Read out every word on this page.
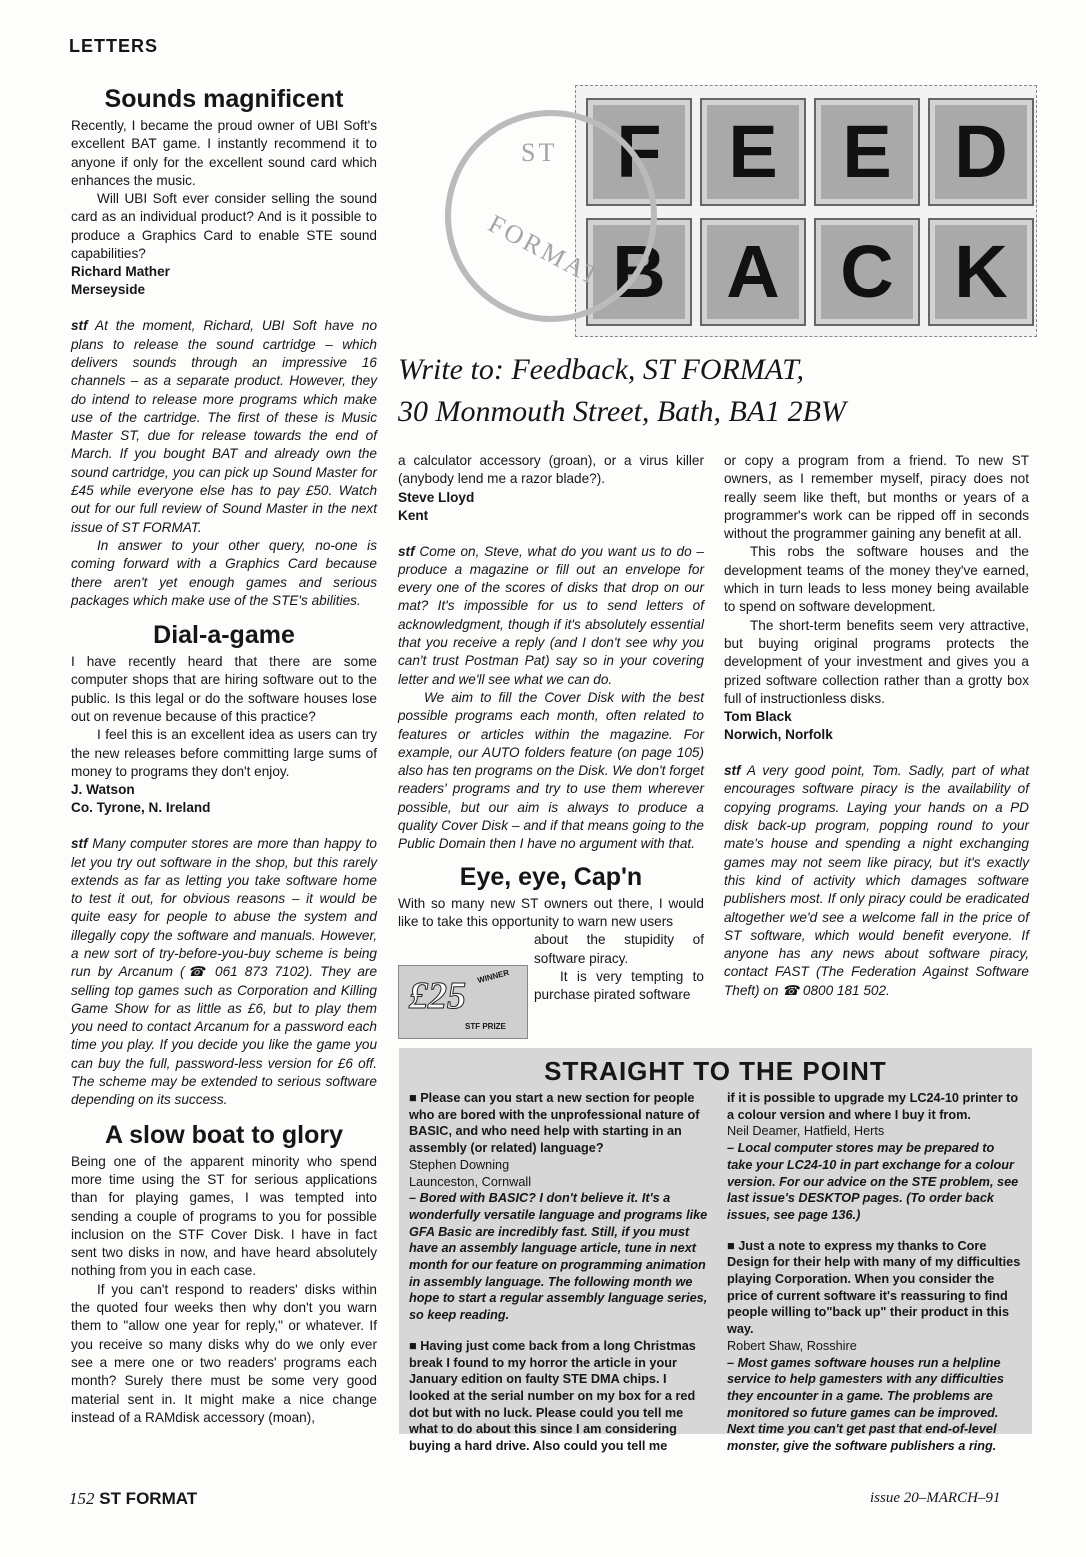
LETTERS
F E E D
B A C K
ST
FORMAT
Write to: Feedback, ST FORMAT,
30 Monmouth Street, Bath, BA1 2BW
Sounds magnificent

Recently, I became the proud owner of UBI Soft's excellent BAT game. I instantly recommend it to anyone if only for the excellent sound card which enhances the music.

Will UBI Soft ever consider selling the sound card as an individual product? And is it possible to produce a Graphics Card to enable STE sound capabilities?

Richard Mather
Merseyside

stf At the moment, Richard, UBI Soft have no plans to release the sound cartridge – which delivers sounds through an impressive 16 channels – as a separate product. However, they do intend to release more programs which make use of the cartridge. The first of these is Music Master ST, due for release towards the end of March. If you bought BAT and already own the sound cartridge, you can pick up Sound Master for £45 while everyone else has to pay £50. Watch out for our full review of Sound Master in the next issue of ST FORMAT.

In answer to your other query, no-one is coming forward with a Graphics Card because there aren't yet enough games and serious packages which make use of the STE's abilities.

Dial-a-game

I have recently heard that there are some computer shops that are hiring software out to the public. Is this legal or do the software houses lose out on revenue because of this practice?

I feel this is an excellent idea as users can try the new releases before committing large sums of money to programs they don't enjoy.

J. Watson
Co. Tyrone, N. Ireland

stf Many computer stores are more than happy to let you try out software in the shop, but this rarely extends as far as letting you take software home to test it out, for obvious reasons – it would be quite easy for people to abuse the system and illegally copy the software and manuals. However, a new sort of try-before-you-buy scheme is being run by Arcanum (☎ 061 873 7102). They are selling top games such as Corporation and Killing Game Show for as little as £6, but to play them you need to contact Arcanum for a password each time you play. If you decide you like the game you can buy the full, password-less version for £6 off. The scheme may be extended to serious software depending on its success.

A slow boat to glory

Being one of the apparent minority who spend more time using the ST for serious applications than for playing games, I was tempted into sending a couple of programs to you for possible inclusion on the STF Cover Disk. I have in fact sent two disks in now, and have heard absolutely nothing from you in each case.

If you can't respond to readers' disks within the quoted four weeks then why don't you warn them to "allow one year for reply," or whatever. If you receive so many disks why do we only ever see a mere one or two readers' programs each month? Surely there must be some very good material sent in. It might make a nice change instead of a RAMdisk accessory (moan),

a calculator accessory (groan), or a virus killer (anybody lend me a razor blade?).

Steve Lloyd
Kent

stf Come on, Steve, what do you want us to do – produce a magazine or fill out an envelope for every one of the scores of disks that drop on our mat? It's impossible for us to send letters of acknowledgment, though if it's absolutely essential that you receive a reply (and I don't see why you can't trust Postman Pat) say so in your covering letter and we'll see what we can do.

We aim to fill the Cover Disk with the best possible programs each month, often related to features or articles within the magazine. For example, our AUTO folders feature (on page 105) also has ten programs on the Disk. We don't forget readers' programs and try to use them wherever possible, but our aim is always to produce a quality Cover Disk – and if that means going to the Public Domain then I have no argument with that.

Eye, eye, Cap'n

With so many new ST owners out there, I would like to take this opportunity to warn new users

about the stupidity of software piracy.

It is very tempting to purchase pirated software

£25 WINNER
STF PRIZE

or copy a program from a friend. To new ST owners, as I remember myself, piracy does not really seem like theft, but months or years of a programmer's work can be ripped off in seconds without the programmer gaining any benefit at all.

This robs the software houses and the development teams of the money they've earned, which in turn leads to less money being available to spend on software development.

The short-term benefits seem very attractive, but buying original programs protects the development of your investment and gives you a prized software collection rather than a grotty box full of instructionless disks.

Tom Black
Norwich, Norfolk

stf A very good point, Tom. Sadly, part of what encourages software piracy is the availability of copying programs. Laying your hands on a PD disk back-up program, popping round to your mate's house and spending a night exchanging games may not seem like piracy, but it's exactly this kind of activity which damages software publishers most. If only piracy could be eradicated altogether we'd see a welcome fall in the price of ST software, which would benefit everyone. If anyone has any news about software piracy, contact FAST (The Federation Against Software Theft) on ☎ 0800 181 502.

STRAIGHT TO THE POINT

■ Please can you start a new section for people who are bored with the unprofessional nature of BASIC, and who need help with starting in an assembly (or related) language?

Stephen Downing

Launceston, Cornwall

– Bored with BASIC? I don't believe it. It's a wonderfully versatile language and programs like GFA Basic are incredibly fast. Still, if you must have an assembly language article, tune in next month for our feature on programming animation in assembly language. The following month we hope to start a regular assembly language series, so keep reading.

■ Having just come back from a long Christmas break I found to my horror the article in your January edition on faulty STE DMA chips. I looked at the serial number on my box for a red dot but with no luck. Please could you tell me what to do about this since I am considering buying a hard drive. Also could you tell me

if it is possible to upgrade my LC24-10 printer to a colour version and where I buy it from.

Neil Deamer, Hatfield, Herts

– Local computer stores may be prepared to take your LC24-10 in part exchange for a colour version. For our advice on the STE problem, see last issue's DESKTOP pages. (To order back issues, see page 136.)

■ Just a note to express my thanks to Core Design for their help with many of my difficulties playing Corporation. When you consider the price of current software it's reassuring to find people willing to"back up" their product in this way.

Robert Shaw, Rosshire

– Most games software houses run a helpline service to help gamesters with any difficulties they encounter in a game. The problems are monitored so future games can be improved. Next time you can't get past that end-of-level monster, give the software publishers a ring.

152 ST FORMAT	issue 20–MARCH–91
